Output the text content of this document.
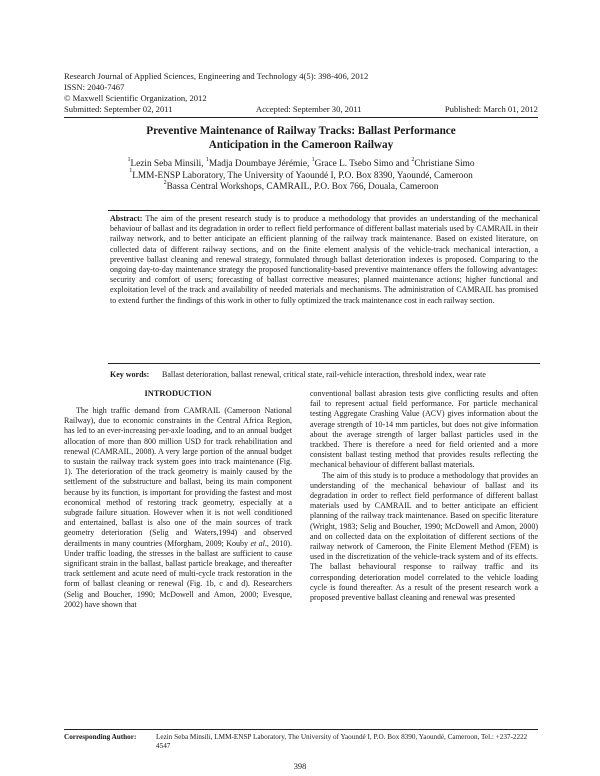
Research Journal of Applied Sciences, Engineering and Technology 4(5): 398-406, 2012
ISSN: 2040-7467
© Maxwell Scientific Organization, 2012
Submitted: September 02, 2011	Accepted: September 30, 2011	Published: March 01, 2012
Preventive Maintenance of Railway Tracks: Ballast Performance
Anticipation in the Cameroon Railway
$^1$Lezin Seba Minsili, $^1$Madja Doumbaye Jérémie, $^1$Grace L. Tsebo Simo and $^2$Christiane Simo
$^1$LMM-ENSP Laboratory, The University of Yaoundé I, P.O. Box 8390, Yaoundé, Cameroon
$^2$Bassa Central Workshops, CAMRAIL, P.O. Box 766, Douala, Cameroon

Abstract: The aim of the present research study is to produce a methodology that provides an understanding of the mechanical behaviour of ballast and its degradation in order to reflect field performance of different ballast materials used by CAMRAIL in their railway network, and to better anticipate an efficient planning of the railway track maintenance. Based on existed literature, on collected data of different railway sections, and on the finite element analysis of the vehicle-track mechanical interaction, a preventive ballast cleaning and renewal strategy, formulated through ballast deterioration indexes is proposed. Comparing to the ongoing day-to-day maintenance strategy the proposed functionality-based preventive maintenance offers the following advantages: security and comfort of users; forecasting of ballast corrective measures; planned maintenance actions; higher functional and exploitation level of the track and availability of needed materials and mechanisms. The administration of CAMRAIL has promised to extend further the findings of this work in other to fully optimized the track maintenance cost in each railway section.

Key words:	Ballast deterioration, ballast renewal, critical state, rail-vehicle interaction, threshold index, wear rate
INTRODUCTION

The high traffic demand from CAMRAIL (Cameroon National Railway), due to economic constraints in the Central Africa Region, has led to an ever-increasing per-axle loading, and to an annual budget allocation of more than 800 million USD for track rehabilitation and renewal (CAMRAIL, 2008). A very large portion of the annual budget to sustain the railway track system goes into track maintenance (Fig. 1). The deterioration of the track geometry is mainly caused by the settlement of the substructure and ballast, being its main component because by its function, is important for providing the fastest and most economical method of restoring track geometry, especially at a subgrade failure situation. However when it is not well conditioned and entertained, ballast is also one of the main sources of track geometry deterioration (Selig and Waters,1994) and observed derailments in many countries (Mforgham, 2009; Kouby et al., 2010). Under traffic loading, the stresses in the ballast are sufficient to cause significant strain in the ballast, ballast particle breakage, and thereafter track settlement and acute need of multi-cycle track restoration in the form of ballast cleaning or renewal (Fig. 1b, c and d). Researchers (Selig and Boucher, 1990; McDowell and Amon, 2000; Evesque, 2002) have shown that

conventional ballast abrasion tests give conflicting results and often fail to represent actual field performance. For particle mechanical testing Aggregate Crashing Value (ACV) gives information about the average strength of 10-14 mm particles, but does not give information about the average strength of larger ballast particles used in the trackbed. There is therefore a need for field oriented and a more consistent ballast testing method that provides results reflecting the mechanical behaviour of different ballast materials.

The aim of this study is to produce a methodology that provides an understanding of the mechanical behaviour of ballast and its degradation in order to reflect field performance of different ballast materials used by CAMRAIL and to better anticipate an efficient planning of the railway track maintenance. Based on specific literature (Wright, 1983; Selig and Boucher, 1990; McDowell and Amon, 2000) and on collected data on the exploitation of different sections of the railway network of Cameroon, the Finite Element Method (FEM) is used in the discretization of the vehicle-track system and of its effects. The ballast behavioural response to railway traffic and its corresponding deterioration model correlated to the vehicle loading cycle is found thereafter. As a result of the present research work a proposed preventive ballast cleaning and renewal was presented

Corresponding Author:	Lezin Seba Minsili, LMM-ENSP Laboratory, The University of Yaoundé I, P.O. Box 8390, Yaoundé, Cameroon, Tel.: +237-2222 4547
398
